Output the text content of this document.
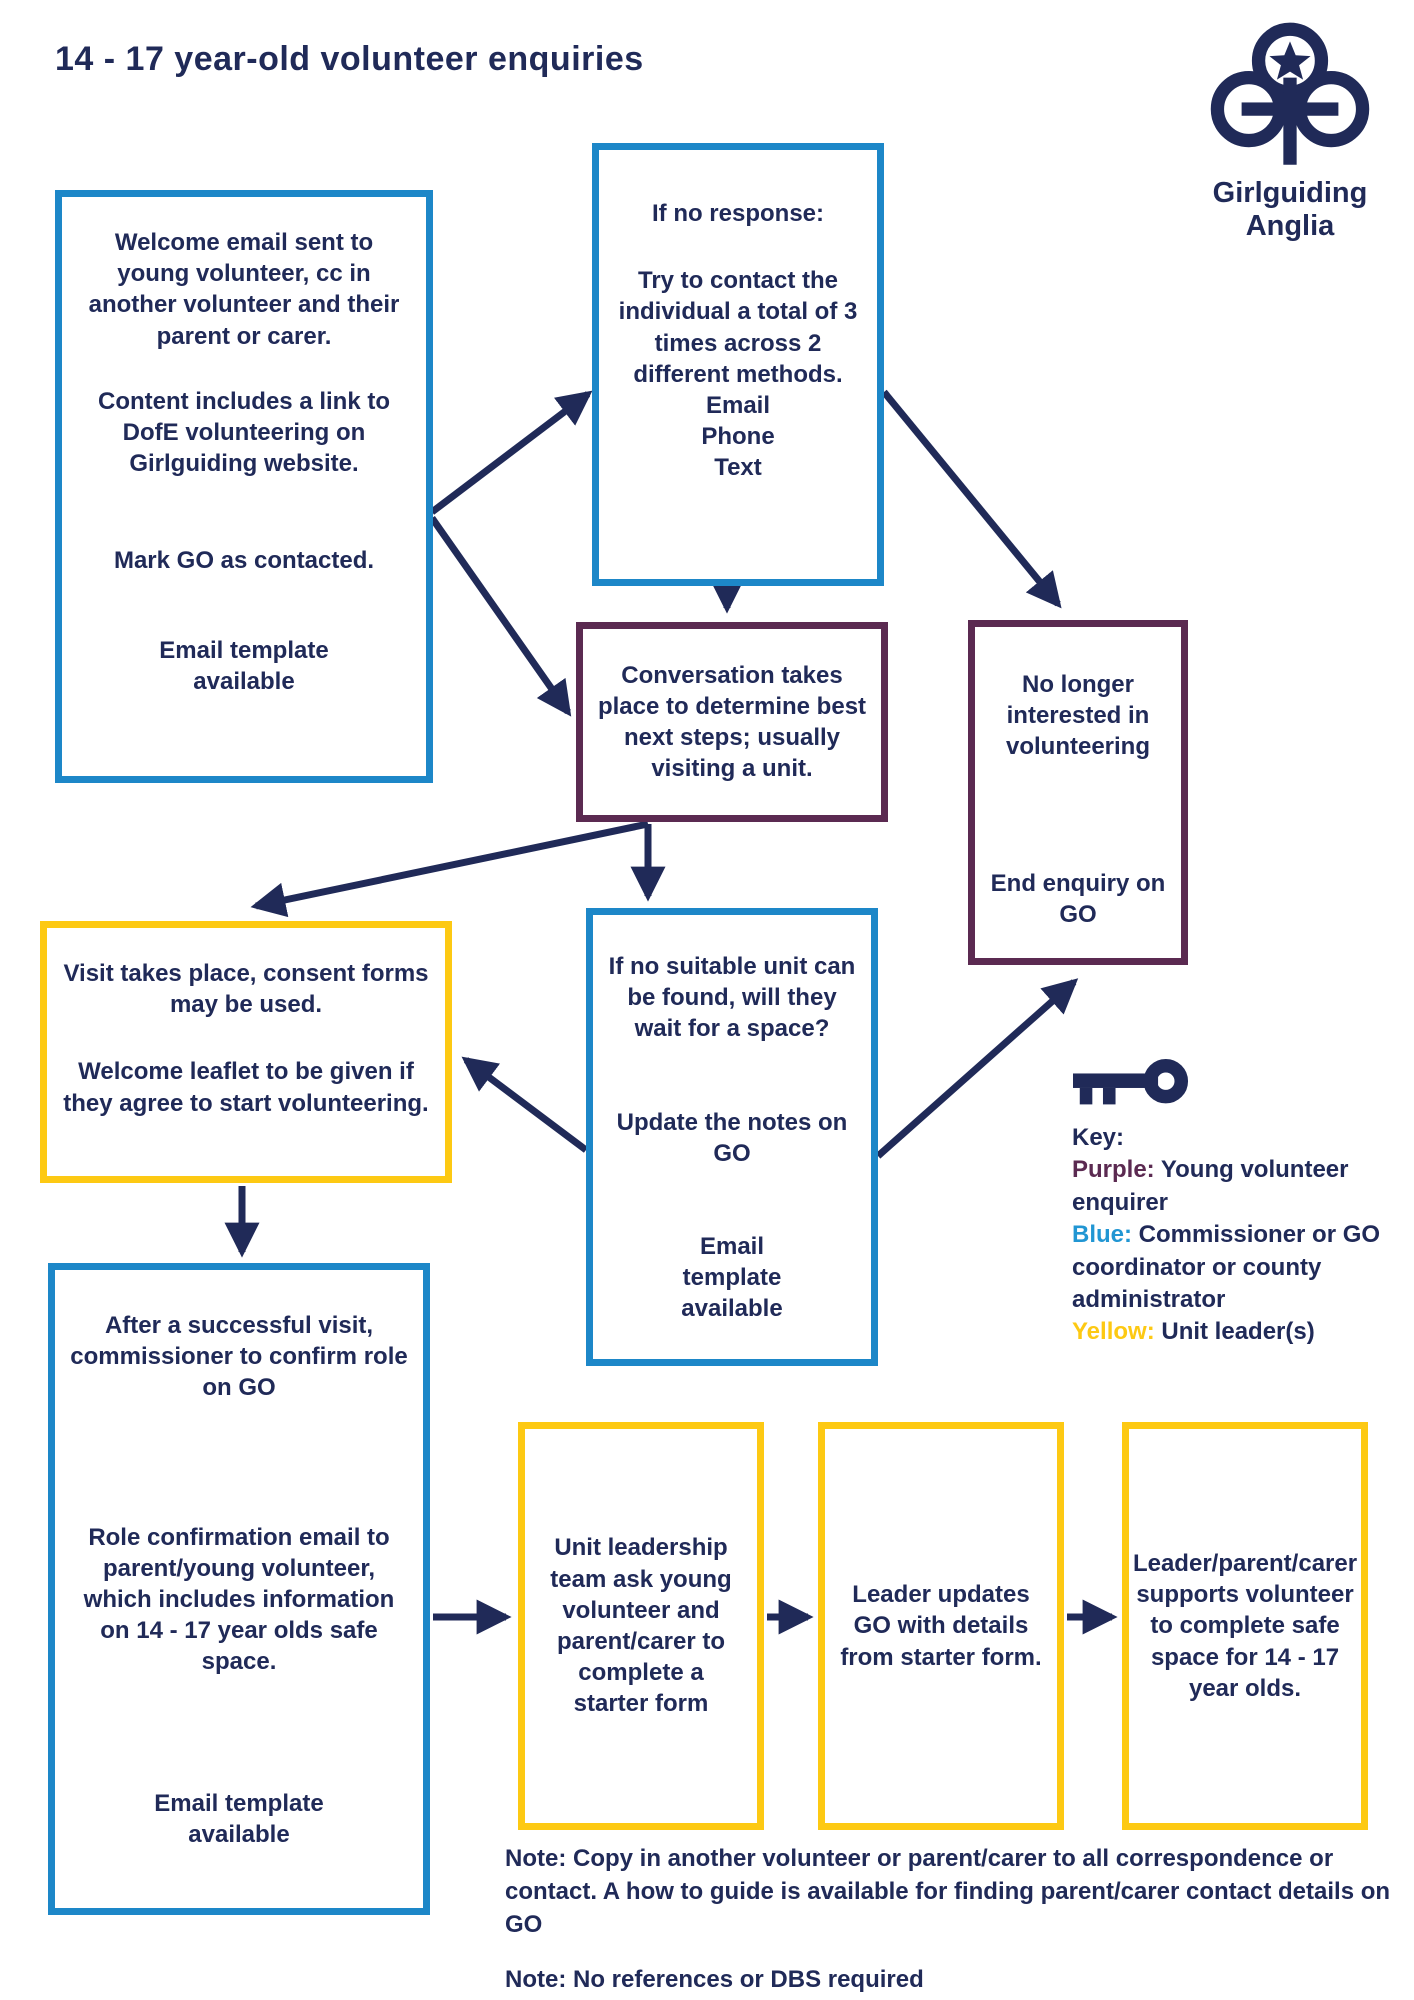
14 - 17 year-old volunteer enquiries
Girlguiding
Anglia

Welcome email sent to young volunteer, cc in another volunteer and their parent or carer.

Content includes a link to DofE volunteering on Girlguiding website.

Mark GO as contacted.

Email template available

If no response:

Try to contact the individual a total of 3 times across 2 different methods.

Email

Phone

Text

Conversation takes place to determine best next steps; usually visiting a unit.

No longer interested in volunteering

End enquiry on GO

Visit takes place, consent forms may be used.

Welcome leaflet to be given if they agree to start volunteering.

If no suitable unit can be found, will they wait for a space?

Update the notes on GO

Email template available

After a successful visit, commissioner to confirm role on GO

Role confirmation email to parent/young volunteer, which includes information on 14 - 17 year olds safe space.

Email template available

Unit leadership team ask young volunteer and parent/carer to complete a starter form

Leader updates GO with details from starter form.

Leader/parent/carer supports volunteer to complete safe space for 14 - 17 year olds.

Key:
Purple: Young volunteer enquirer
Blue: Commissioner or GO coordinator or county administrator
Yellow: Unit leader(s)
Note: Copy in another volunteer or parent/carer to all correspondence or contact. A how to guide is available for finding parent/carer contact details on GO
Note: No references or DBS required
